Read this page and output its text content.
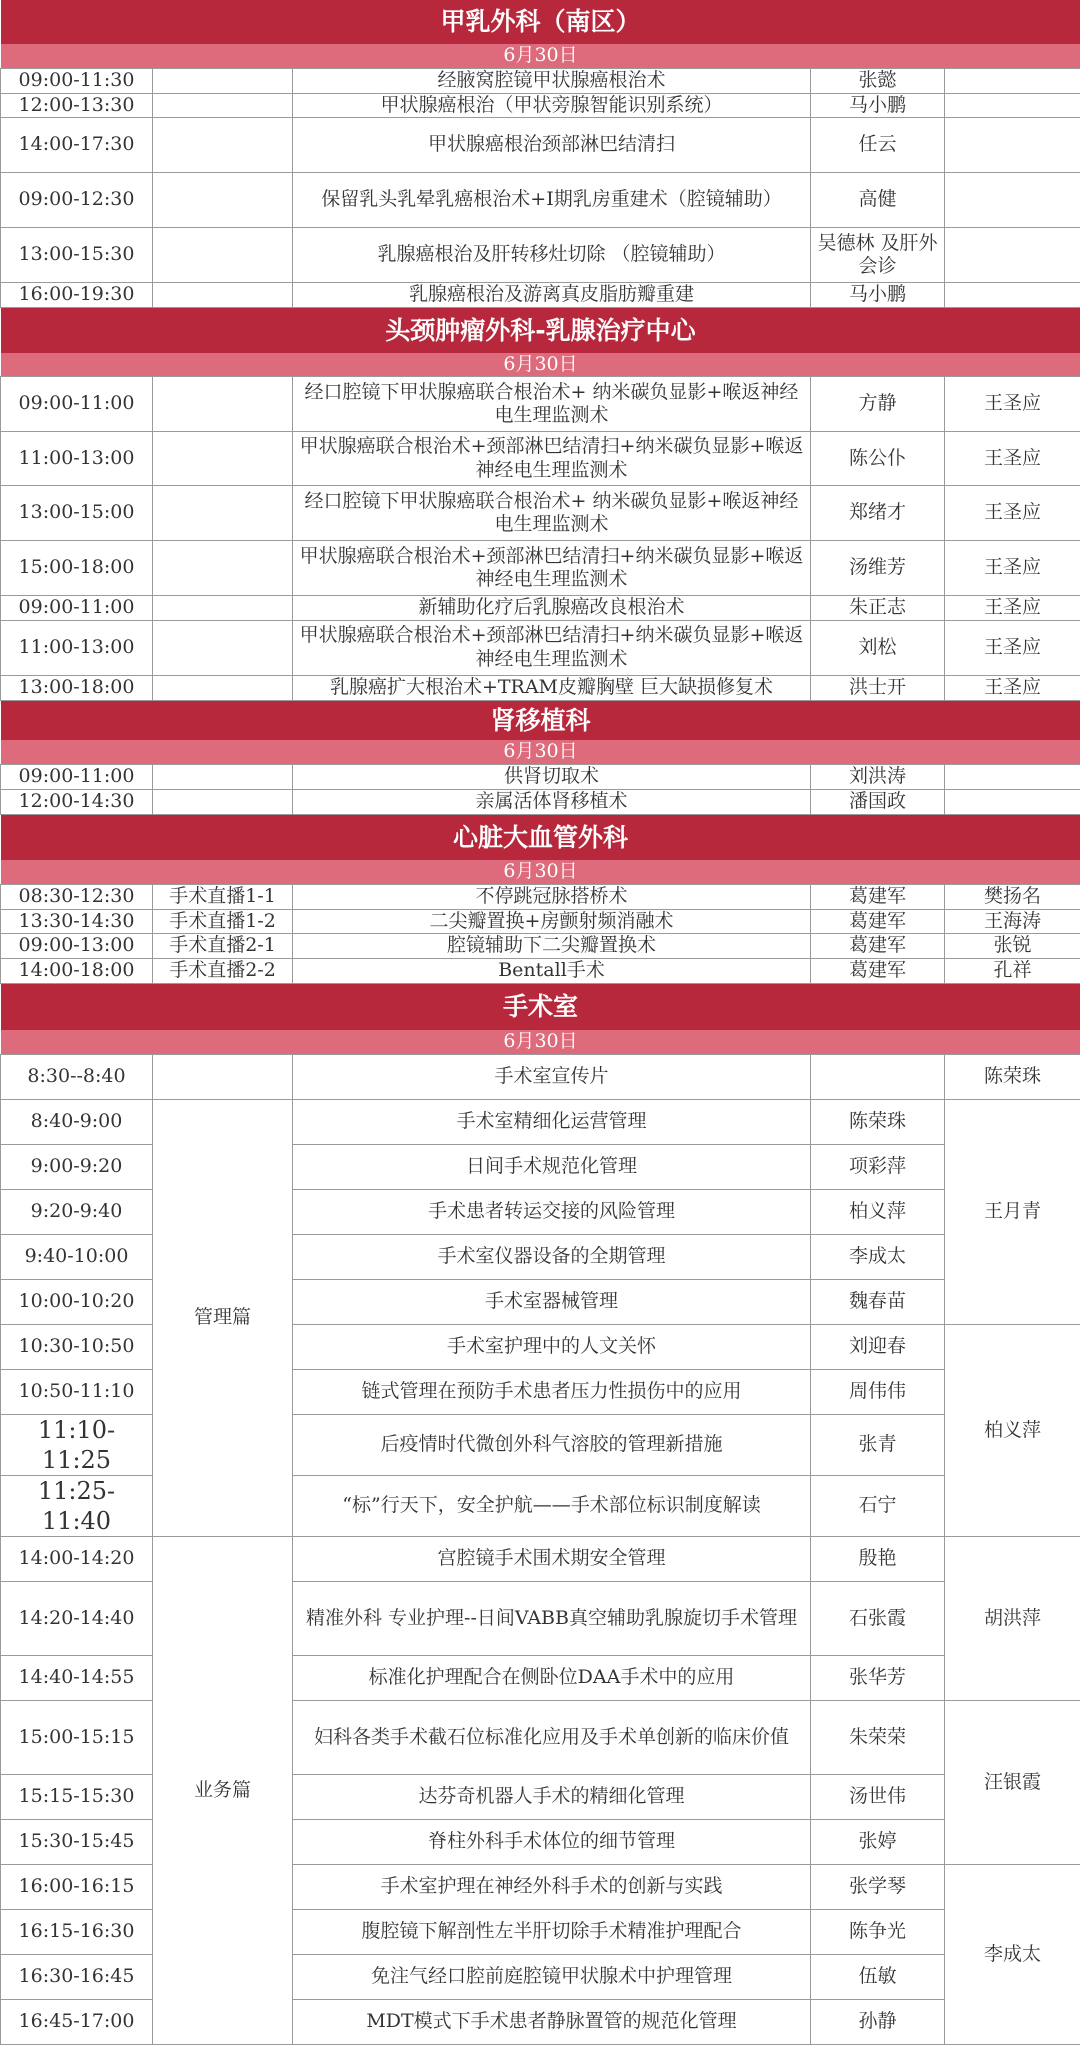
甲乳外科（南区）				
6月30日				
09:00-11:30		经腋窝腔镜甲状腺癌根治术	张懿	
12:00-13:30		甲状腺癌根治（甲状旁腺智能识别系统）	马小鹏	
14:00-17:30		甲状腺癌根治颈部淋巴结清扫	任云	
09:00-12:30		保留乳头乳晕乳癌根治术+I期乳房重建术（腔镜辅助）	高健	
13:00-15:30		乳腺癌根治及肝转移灶切除 （腔镜辅助）	吴德林 及肝外会诊	
16:00-19:30		乳腺癌根治及游离真皮脂肪瓣重建	马小鹏	
头颈肿瘤外科-乳腺治疗中心				
6月30日				
09:00-11:00		经口腔镜下甲状腺癌联合根治术+ 纳米碳负显影+喉返神经电生理监测术	方静	王圣应
11:00-13:00		甲状腺癌联合根治术+颈部淋巴结清扫+纳米碳负显影+喉返神经电生理监测术	陈公仆	王圣应
13:00-15:00		经口腔镜下甲状腺癌联合根治术+ 纳米碳负显影+喉返神经电生理监测术	郑绪才	王圣应
15:00-18:00		甲状腺癌联合根治术+颈部淋巴结清扫+纳米碳负显影+喉返神经电生理监测术	汤维芳	王圣应
09:00-11:00		新辅助化疗后乳腺癌改良根治术	朱正志	王圣应
11:00-13:00		甲状腺癌联合根治术+颈部淋巴结清扫+纳米碳负显影+喉返神经电生理监测术	刘松	王圣应
13:00-18:00		乳腺癌扩大根治术+TRAM皮瓣胸壁 巨大缺损修复术	洪士开	王圣应
肾移植科				
6月30日				
09:00-11:00		供肾切取术	刘洪涛	
12:00-14:30		亲属活体肾移植术	潘国政	
心脏大血管外科				
6月30日				
08:30-12:30	手术直播1-1	不停跳冠脉搭桥术	葛建军	樊扬名
13:30-14:30	手术直播1-2	二尖瓣置换+房颤射频消融术	葛建军	王海涛
09:00-13:00	手术直播2-1	腔镜辅助下二尖瓣置换术	葛建军	张锐
14:00-18:00	手术直播2-2	Bentall手术	葛建军	孔祥
手术室				
6月30日				
8:30--8:40		手术室宣传片		陈荣珠
8:40-9:00	管理篇	手术室精细化运营管理	陈荣珠	王月青
9:00-9:20		日间手术规范化管理	项彩萍	
9:20-9:40		手术患者转运交接的风险管理	柏义萍	
9:40-10:00		手术室仪器设备的全期管理	李成太	
10:00-10:20		手术室器械管理	魏春苗	
10:30-10:50		手术室护理中的人文关怀	刘迎春	柏义萍
10:50-11:10		链式管理在预防手术患者压力性损伤中的应用	周伟伟	
11:10-11:25		后疫情时代微创外科气溶胶的管理新措施	张青	
11:25-11:40		“标”行天下，安全护航——手术部位标识制度解读	石宁	
14:00-14:20	业务篇	宫腔镜手术围术期安全管理	殷艳	胡洪萍
14:20-14:40		精准外科 专业护理--日间VABB真空辅助乳腺旋切手术管理	石张霞	
14:40-14:55		标准化护理配合在侧卧位DAA手术中的应用	张华芳	
15:00-15:15		妇科各类手术截石位标准化应用及手术单创新的临床价值	朱荣荣	汪银霞
15:15-15:30		达芬奇机器人手术的精细化管理	汤世伟	
15:30-15:45		脊柱外科手术体位的细节管理	张婷	
16:00-16:15		手术室护理在神经外科手术的创新与实践	张学琴	李成太
16:15-16:30		腹腔镜下解剖性左半肝切除手术精准护理配合	陈争光	
16:30-16:45		免注气经口腔前庭腔镜甲状腺术中护理管理	伍敏	
16:45-17:00		MDT模式下手术患者静脉置管的规范化管理	孙静	
